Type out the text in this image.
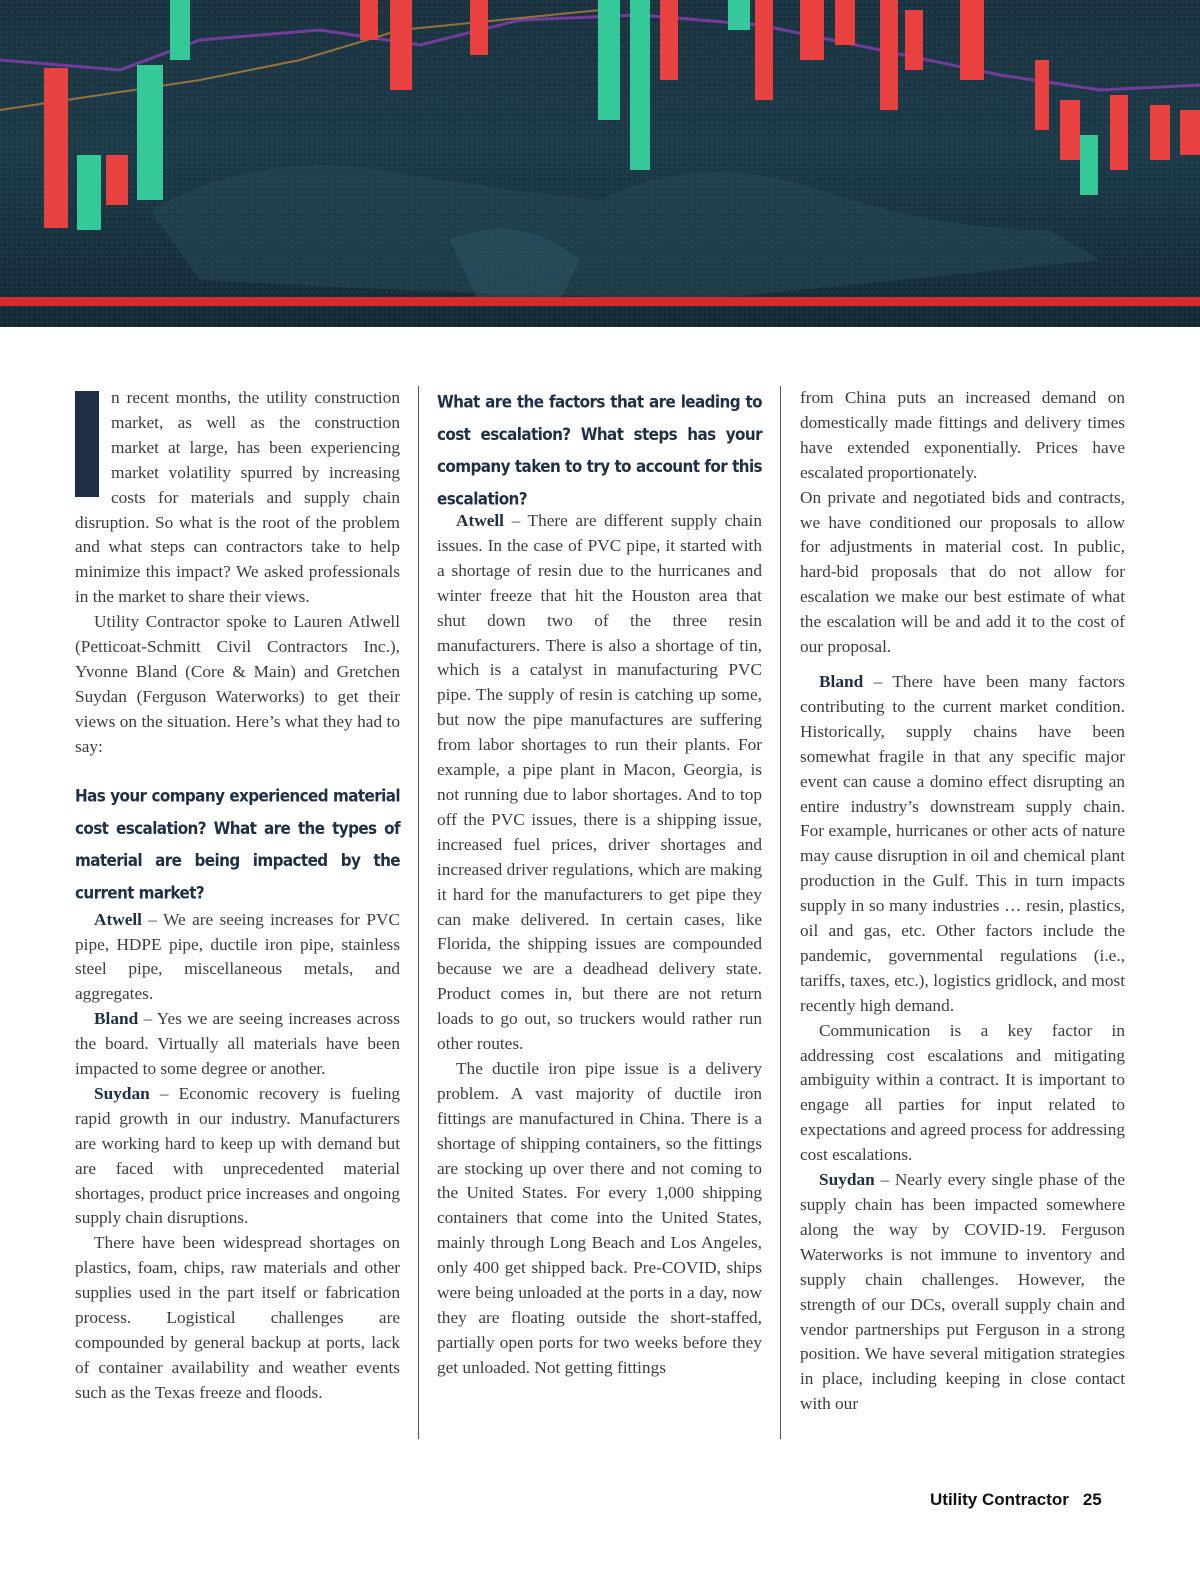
n recent months, the utility construction market, as well as the construction market at large, has been experiencing market volatility spurred by increasing costs for materials and supply chain disruption. So what is the root of the problem and what steps can contractors take to help minimize this impact? We asked professionals in the market to share their views.

Utility Contractor spoke to Lauren Atlwell (Petticoat-Schmitt Civil Contractors Inc.), Yvonne Bland (Core & Main) and Gretchen Suydan (Ferguson Waterworks) to get their views on the situation. Here’s what they had to say:

Has your company experienced material cost escalation? What are the types of material are being impacted by the current market?

Atwell – We are seeing increases for PVC pipe, HDPE pipe, ductile iron pipe, stainless steel pipe, miscellaneous metals, and aggregates.

Bland – Yes we are seeing increases across the board. Virtually all materials have been impacted to some degree or another.

Suydan – Economic recovery is fueling rapid growth in our industry. Manufacturers are working hard to keep up with demand but are faced with unprecedented material shortages, product price increases and ongoing supply chain disruptions.

There have been widespread shortages on plastics, foam, chips, raw materials and other supplies used in the part itself or fabrication process. Logistical challenges are compounded by general backup at ports, lack of container availability and weather events such as the Texas freeze and floods.

What are the factors that are leading to cost escalation? What steps has your company taken to try to account for this escalation?

Atwell – There are different supply chain issues. In the case of PVC pipe, it started with a shortage of resin due to the hurricanes and winter freeze that hit the Houston area that shut down two of the three resin manufacturers. There is also a shortage of tin, which is a catalyst in manufacturing PVC pipe. The supply of resin is catching up some, but now the pipe manufactures are suffering from labor shortages to run their plants. For example, a pipe plant in Macon, Georgia, is not running due to labor shortages. And to top off the PVC issues, there is a shipping issue, increased fuel prices, driver shortages and increased driver regulations, which are making it hard for the manufacturers to get pipe they can make delivered. In certain cases, like Florida, the shipping issues are compounded because we are a deadhead delivery state. Product comes in, but there are not return loads to go out, so truckers would rather run other routes.

The ductile iron pipe issue is a delivery problem. A vast majority of ductile iron fittings are manufactured in China. There is a shortage of shipping containers, so the fittings are stocking up over there and not coming to the United States. For every 1,000 shipping containers that come into the United States, mainly through Long Beach and Los Angeles, only 400 get shipped back. Pre-COVID, ships were being unloaded at the ports in a day, now they are floating outside the short-staffed, partially open ports for two weeks before they get unloaded. Not getting fittings

from China puts an increased demand on domestically made fittings and delivery times have extended exponentially. Prices have escalated proportionately.

On private and negotiated bids and contracts, we have conditioned our proposals to allow for adjustments in material cost. In public, hard-bid proposals that do not allow for escalation we make our best estimate of what the escalation will be and add it to the cost of our proposal.

Bland – There have been many factors contributing to the current market condition. Historically, supply chains have been somewhat fragile in that any specific major event can cause a domino effect disrupting an entire industry’s downstream supply chain. For example, hurricanes or other acts of nature may cause disruption in oil and chemical plant production in the Gulf. This in turn impacts supply in so many industries … resin, plastics, oil and gas, etc. Other factors include the pandemic, governmental regulations (i.e., tariffs, taxes, etc.), logistics gridlock, and most recently high demand.

Communication is a key factor in addressing cost escalations and mitigating ambiguity within a contract. It is important to engage all parties for input related to expectations and agreed process for addressing cost escalations.

Suydan – Nearly every single phase of the supply chain has been impacted somewhere along the way by COVID-19. Ferguson Waterworks is not immune to inventory and supply chain challenges. However, the strength of our DCs, overall supply chain and vendor partnerships put Ferguson in a strong position. We have several mitigation strategies in place, including keeping in close contact with our

Utility Contractor 25
